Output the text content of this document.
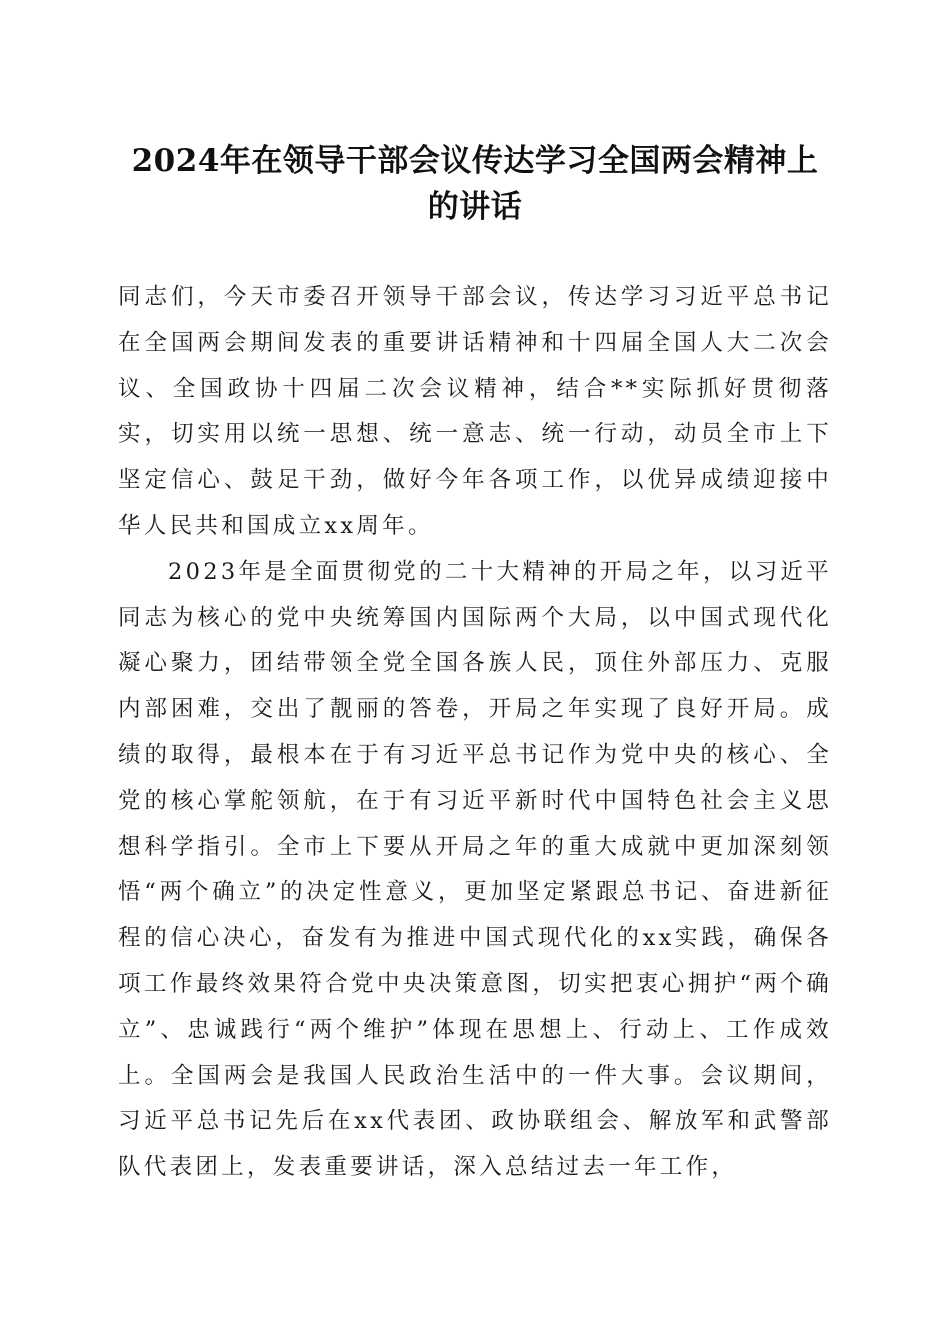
2024年在领导干部会议传达学习全国两会精神上的讲话

同志们，今天市委召开领导干部会议，传达学习习近平总书记在全国两会期间发表的重要讲话精神和十四届全国人大二次会议、全国政协十四届二次会议精神，结合**实际抓好贯彻落实，切实用以统一思想、统一意志、统一行动，动员全市上下坚定信心、鼓足干劲，做好今年各项工作，以优异成绩迎接中华人民共和国成立xx周年。

2023年是全面贯彻党的二十大精神的开局之年，以习近平同志为核心的党中央统筹国内国际两个大局，以中国式现代化凝心聚力，团结带领全党全国各族人民，顶住外部压力、克服内部困难，交出了靓丽的答卷，开局之年实现了良好开局。成绩的取得，最根本在于有习近平总书记作为党中央的核心、全党的核心掌舵领航，在于有习近平新时代中国特色社会主义思想科学指引。全市上下要从开局之年的重大成就中更加深刻领悟“两个确立”的决定性意义，更加坚定紧跟总书记、奋进新征程的信心决心，奋发有为推进中国式现代化的xx实践，确保各项工作最终效果符合党中央决策意图，切实把衷心拥护“两个确立”、忠诚践行“两个维护”体现在思想上、行动上、工作成效上。全国两会是我国人民政治生活中的一件大事。会议期间，习近平总书记先后在xx代表团、政协联组会、解放军和武警部队代表团上，发表重要讲话，深入总结过去一年工作，
